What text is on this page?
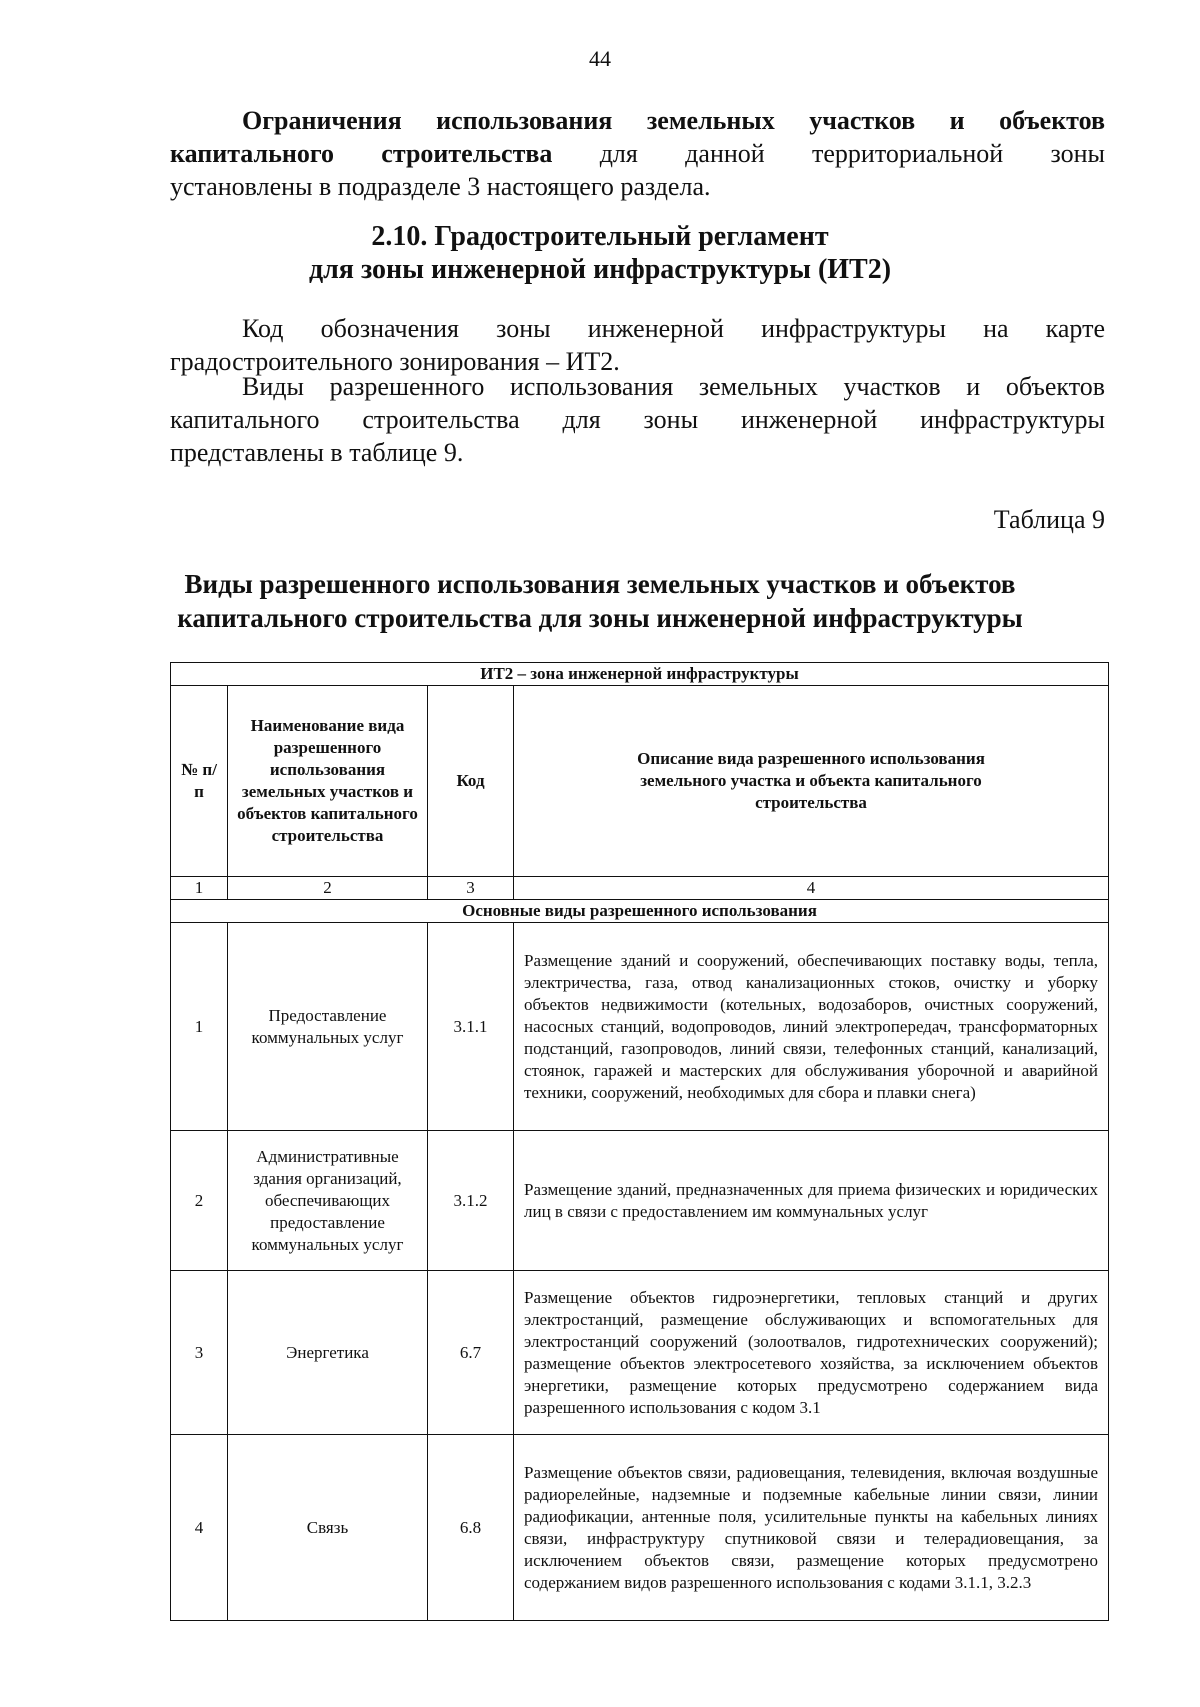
44
Ограничения использования земельных участков и объектов
капитального строительства для данной территориальной зоны
установлены в подразделе 3 настоящего раздела.
2.10. Градостроительный регламент
для зоны инженерной инфраструктуры (ИТ2)
Код обозначения зоны инженерной инфраструктуры на карте
градостроительного зонирования – ИТ2.
Виды разрешенного использования земельных участков и объектов
капитального строительства для зоны инженерной инфраструктуры
представлены в таблице 9.
Таблица 9
Виды разрешенного использования земельных участков и объектов
капитального строительства для зоны инженерной инфраструктуры
ИТ2 – зона инженерной инфраструктуры			
№ п/п	Наименование вида разрешенного использования земельных участков и объектов капитального строительства	Код	Описание вида разрешенного использования земельного участка и объекта капитального строительства
1	2	3	4
Основные виды разрешенного использования			
1	Предоставление коммунальных услуг	3.1.1	Размещение зданий и сооружений, обеспечивающих поставку воды, тепла, электричества, газа, отвод канализационных стоков, очистку и уборку объектов недвижимости (котельных, водозаборов, очистных сооружений, насосных станций, водопроводов, линий электропередач, трансформаторных подстанций, газопроводов, линий связи, телефонных станций, канализаций, стоянок, гаражей и мастерских для обслуживания уборочной и аварийной техники, сооружений, необходимых для сбора и плавки снега)
2	Административные здания организаций, обеспечивающих предоставление коммунальных услуг	3.1.2	Размещение зданий, предназначенных для приема физических и юридических лиц в связи с предоставлением им коммунальных услуг
3	Энергетика	6.7	Размещение объектов гидроэнергетики, тепловых станций и других электростанций, размещение обслуживающих и вспомогательных для электростанций сооружений (золоотвалов, гидротехнических сооружений); размещение объектов электросетевого хозяйства, за исключением объектов энергетики, размещение которых предусмотрено содержанием вида разрешенного использования с кодом 3.1
4	Связь	6.8	Размещение объектов связи, радиовещания, телевидения, включая воздушные радиорелейные, надземные и подземные кабельные линии связи, линии радиофикации, антенные поля, усилительные пункты на кабельных линиях связи, инфраструктуру спутниковой связи и телерадиовещания, за исключением объектов связи, размещение которых предусмотрено содержанием видов разрешенного использования с кодами 3.1.1, 3.2.3
